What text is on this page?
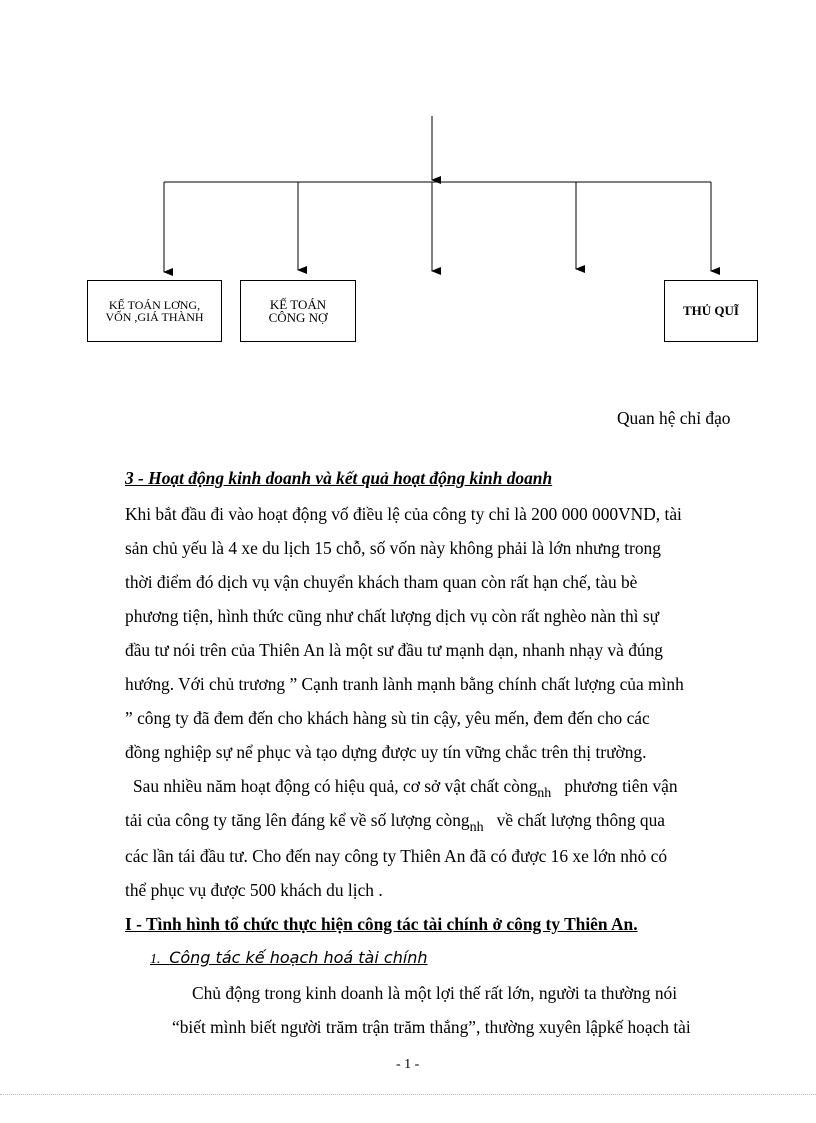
KẾ TOÁN LƠNG,
VỐN ,GIÁ THÀNH
KẾ TOÁN
CÔNG NỢ	THỦ QUĨ
Quan hệ chỉ đạo
3 - Hoạt động kinh doanh và kết quả hoạt động kinh doanh
Khi bắt đầu đi vào hoạt động vố điều lệ của công ty chỉ là 200 000 000VND, tài
sản chủ yếu là 4 xe du lịch 15 chỗ, số vốn này không phải là lớn nhưng trong
thời điểm đó dịch vụ vận chuyển khách tham quan còn rất hạn chế, tàu bè
phương tiện, hình thức cũng như chất lượng dịch vụ còn rất nghèo nàn thì sự
đầu tư nói trên của Thiên An là một sư đầu tư mạnh dạn, nhanh nhạy và đúng
hướng. Với chủ trương ” Cạnh tranh lành mạnh bằng chính chất lượng của mình
” công ty đã đem đến cho khách hàng sù tin cậy, yêu mến, đem đến cho các
đồng nghiệp sự nể phục và tạo dựng được uy tín vững chắc trên thị trường.
Sau nhiều năm hoạt động có hiệu quả, cơ sở vật chất còng$_{nh}$ phương tiên vận
tải của công ty tăng lên đáng kể về số lượng còng$_{nh}$ về chất lượng thông qua
các lần tái đầu tư. Cho đến nay công ty Thiên An đã có được 16 xe lớn nhỏ có
thể phục vụ được 500 khách du lịch .
I - Tình hình tổ chức thực hiện công tác tài chính ở công ty Thiên An.
1. Công tác kế hoạch hoá tài chính
Chủ động trong kinh doanh là một lợi thế rất lớn, người ta thường nói
“biết mình biết người trăm trận trăm thắng”, thường xuyên lậpkế hoạch tài
- 1 -
